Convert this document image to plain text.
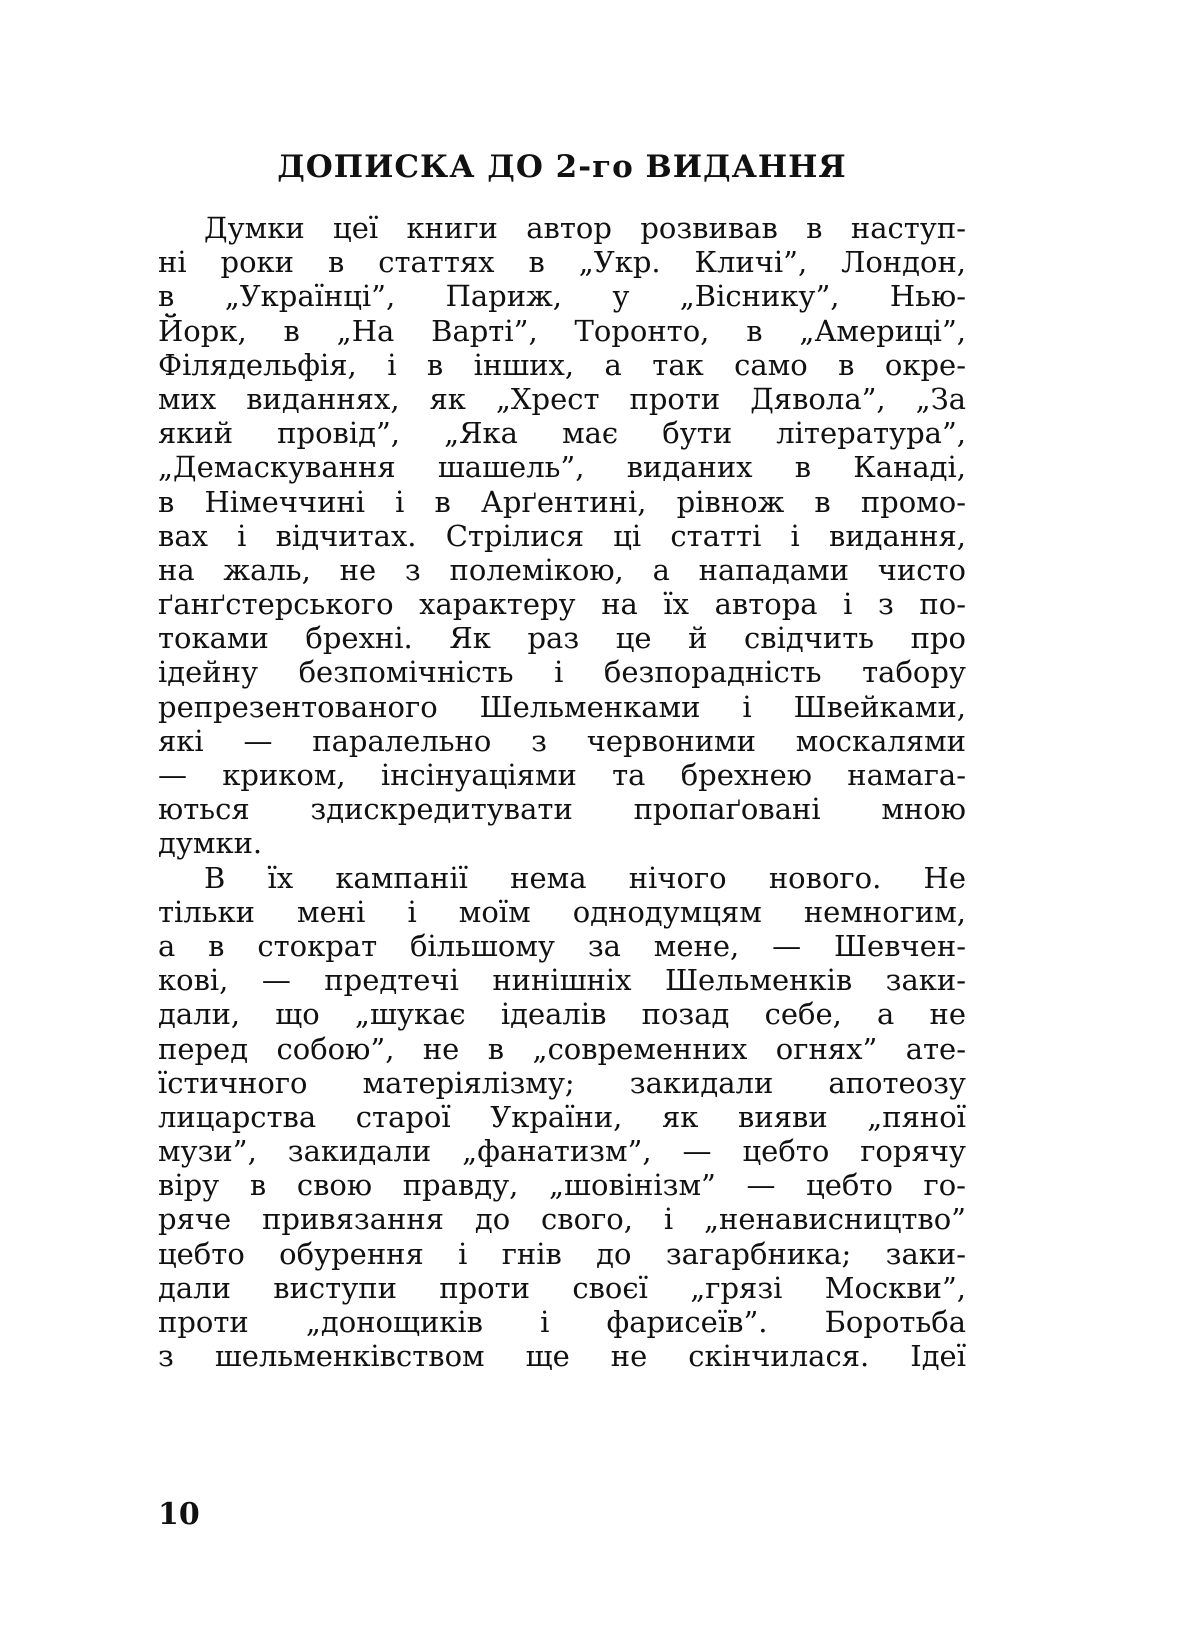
ДОПИСКА ДО 2-го ВИДАННЯ
Думки цеї книги автор розвивав в наступ-
ні роки в статтях в „Укр. Кличі”, Лондон,
в „Українці”, Париж, у „Віснику”, Нью-
Йорк, в „На Варті”, Торонто, в „Америці”,
Філядельфія, і в інших, а так само в окре-
мих виданнях, як „Хрест проти Дявола”, „За
який провід”, „Яка має бути література”,
„Демаскування шашель”, виданих в Канаді,
в Німеччині і в Арґентині, рівнож в промо-
вах і відчитах. Стрілися ці статті і видання,
на жаль, не з полемікою, а нападами чисто
ґанґстерського характеру на їх автора і з по-
токами брехні. Як раз це й свідчить про
ідейну безпомічність і безпорадність табору
репрезентованого Шельменками і Швейками,
які — паралельно з червоними москалями
— криком, інсінуаціями та брехнею намага-
ються здискредитувати пропаґовані мною
думки.
В їх кампанії нема нічого нового. Не
тільки мені і моїм однодумцям немногим,
а в стократ більшому за мене, — Шевчен-
кові, — предтечі нинішніх Шельменків заки-
дали, що „шукає ідеалів позад себе, а не
перед собою”, не в „современних огнях” ате-
їстичного матеріялізму; закидали апотеозу
лицарства старої України, як вияви „пяної
музи”, закидали „фанатизм”, — цебто горячу
віру в свою правду, „шовінізм” — цебто го-
ряче привязання до свого, і „ненависництво”
цебто обурення і гнів до загарбника; заки-
дали виступи проти своєї „грязі Москви”,
проти „донощиків і фарисеїв”. Боротьба
з шельменківством ще не скінчилася. Ідеї
10
